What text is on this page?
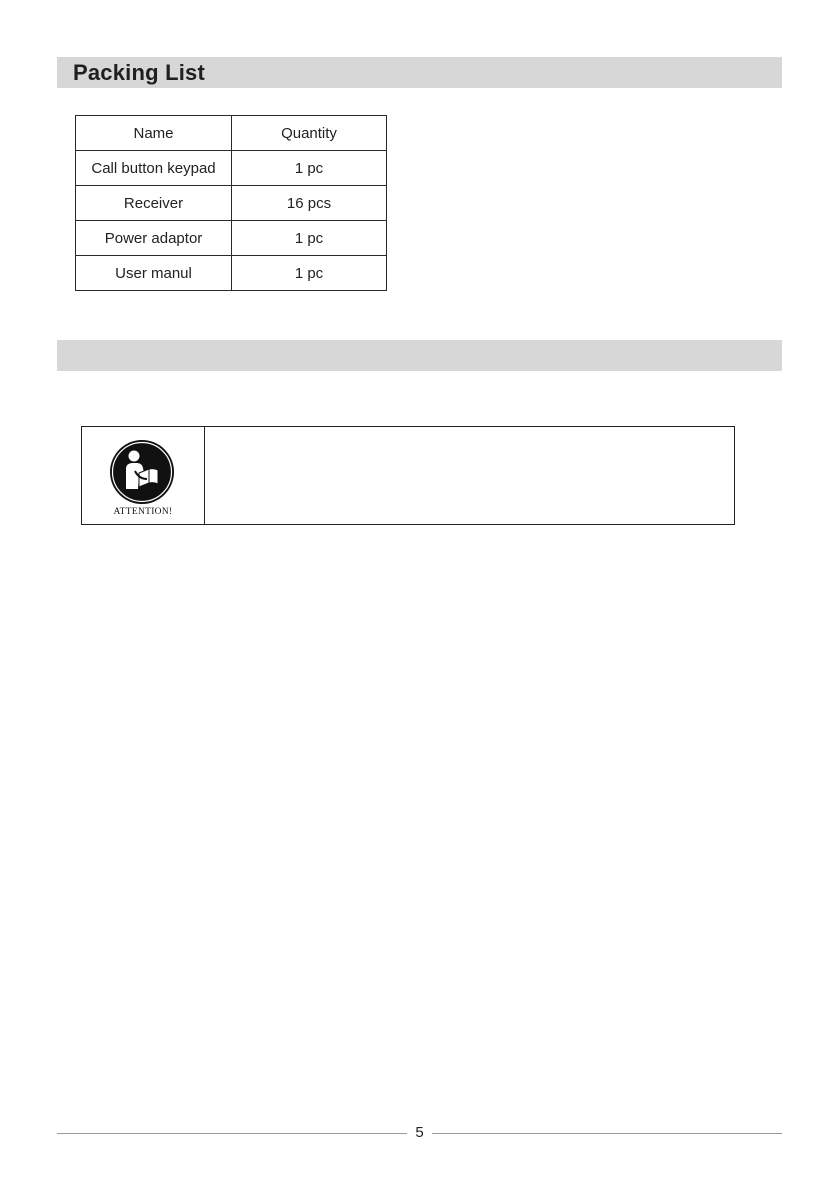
Packing List
Name	Quantity
Call button keypad	1 pc
Receiver	16 pcs
Power adaptor	1 pc
User manul	1 pc
ATTENTION!
5
